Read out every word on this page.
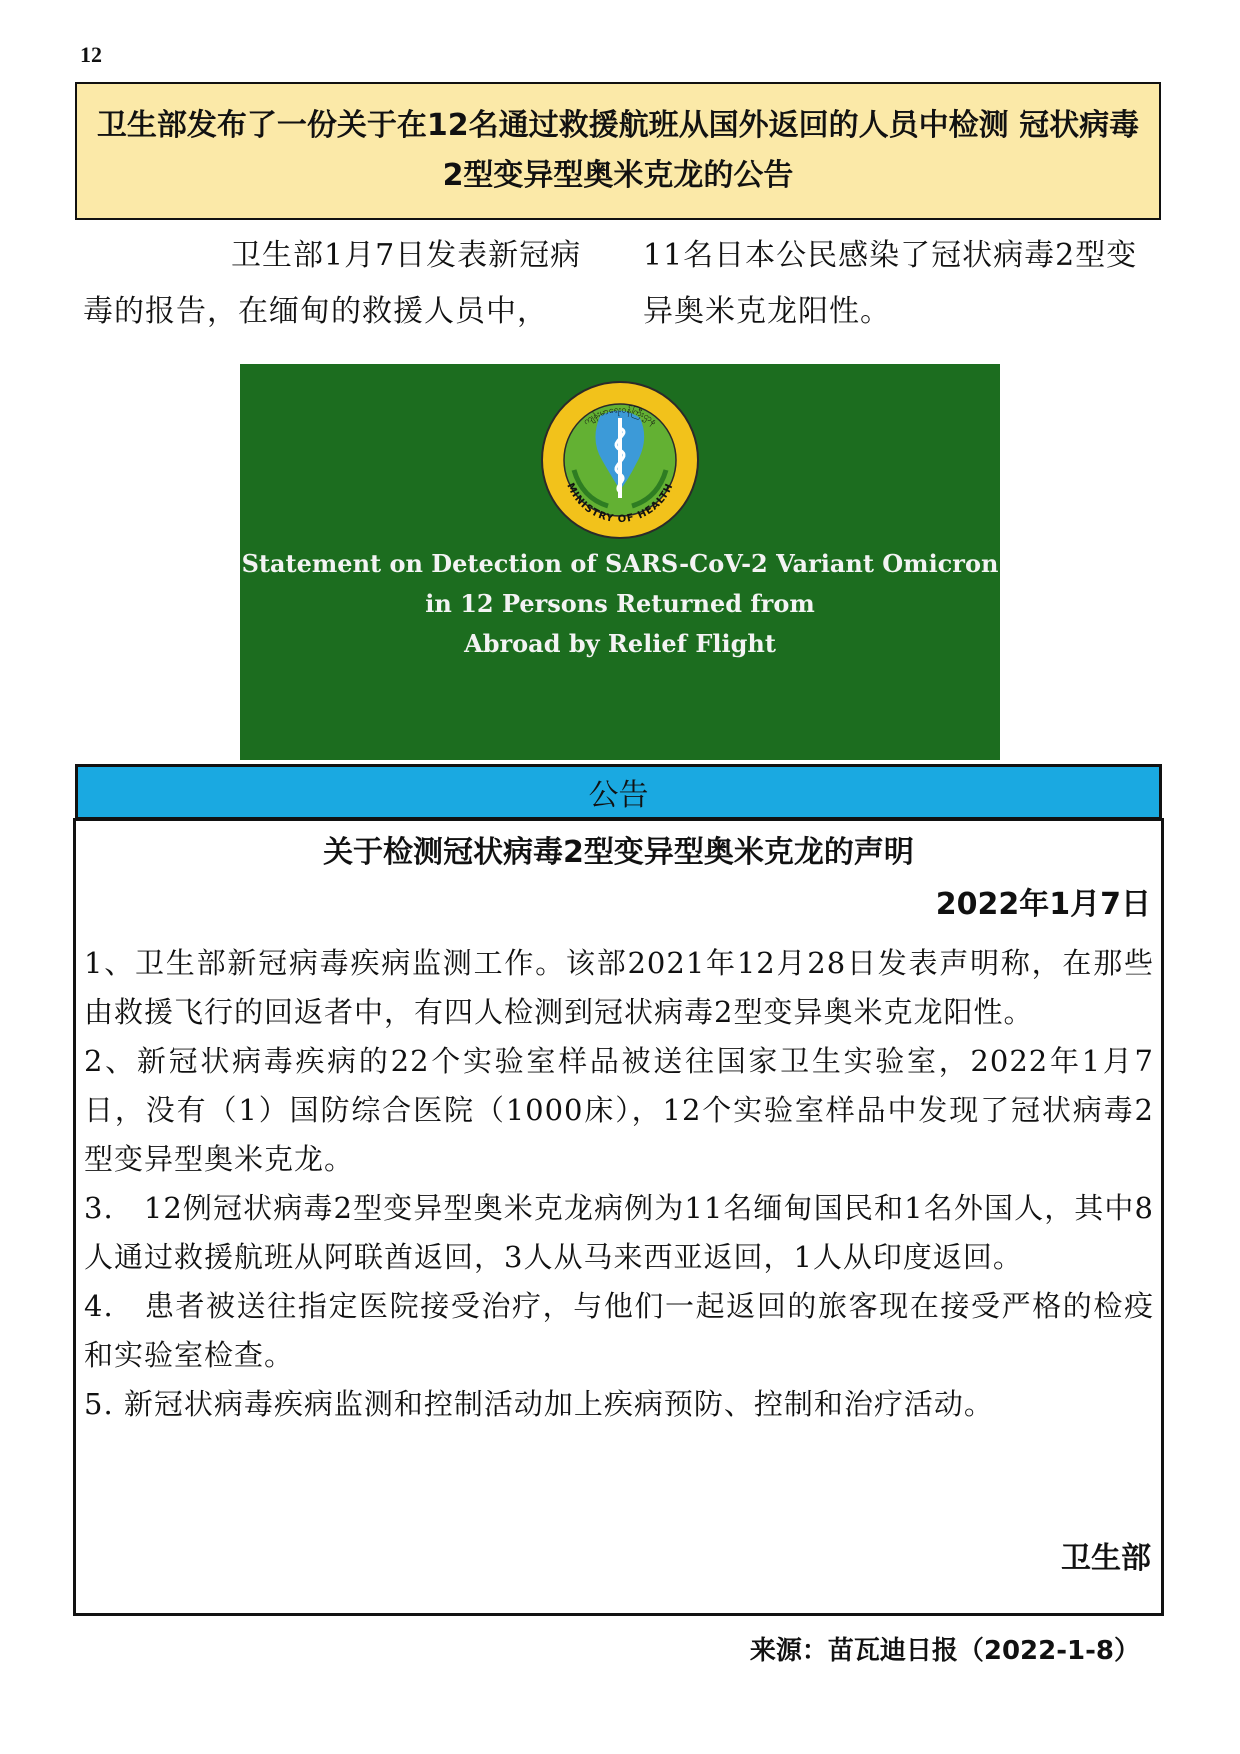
12
卫生部发布了一份关于在12名通过救援航班从国外返回的人员中检测 冠状病毒2型变异型奥米克龙的公告
卫生部1月7日发表新冠病
毒的报告，在缅甸的救援人员中，
11名日本公民感染了冠状病毒2型变
异奥米克龙阳性。
MINISTRY OF HEALTH
ကျန်းမာရေးဝန်ကြီးဌာန
Statement on Detection of SARS-CoV-2 Variant Omicron
in 12 Persons Returned from
Abroad by Relief Flight
公告
关于检测冠状病毒2型变异型奥米克龙的声明
2022年1月7日
1、卫生部新冠病毒疾病监测工作。该部2021年12月28日发表声明称，在那些由救援飞行的回返者中，有四人检测到冠状病毒2型变异奥米克龙阳性。
2、新冠状病毒疾病的22个实验室样品被送往国家卫生实验室，2022年1月7日，没有（1）国防综合医院（1000床），12个实验室样品中发现了冠状病毒2型变异型奥米克龙。
3.　12例冠状病毒2型变异型奥米克龙病例为11名缅甸国民和1名外国人，其中8人通过救援航班从阿联酋返回，3人从马来西亚返回，1人从印度返回。
4.　患者被送往指定医院接受治疗，与他们一起返回的旅客现在接受严格的检疫和实验室检查。
5. 新冠状病毒疾病监测和控制活动加上疾病预防、控制和治疗活动。
卫生部
来源：苗瓦迪日报（2022-1-8）
